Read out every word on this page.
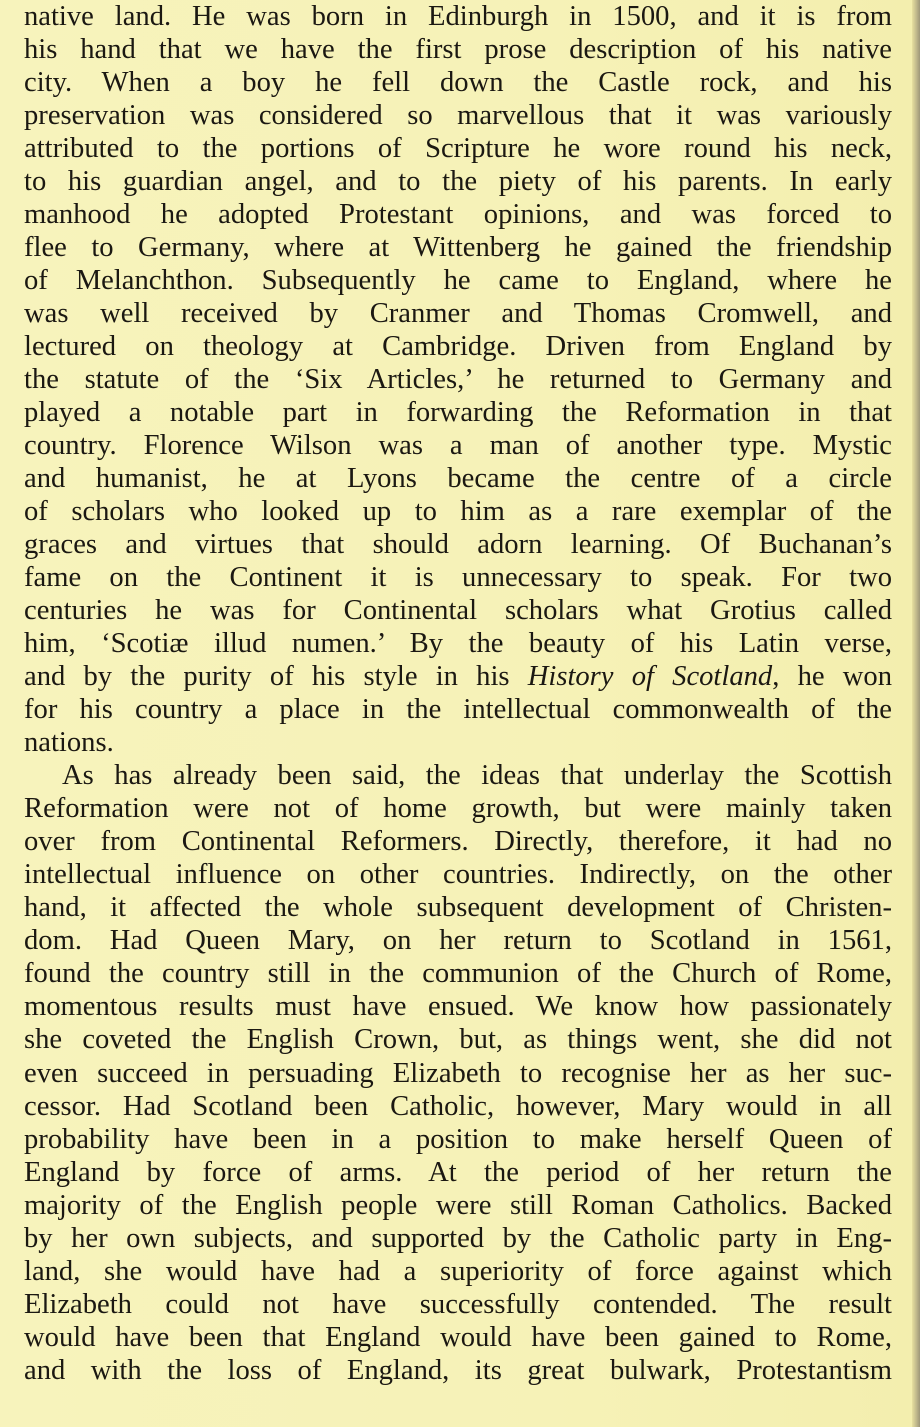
native land. He was born in Edinburgh in 1500, and it is from
his hand that we have the first prose description of his native
city. When a boy he fell down the Castle rock, and his
preservation was considered so marvellous that it was variously
attributed to the portions of Scripture he wore round his neck,
to his guardian angel, and to the piety of his parents. In early
manhood he adopted Protestant opinions, and was forced to
flee to Germany, where at Wittenberg he gained the friendship
of Melanchthon. Subsequently he came to England, where he
was well received by Cranmer and Thomas Cromwell, and
lectured on theology at Cambridge. Driven from England by
the statute of the ‘Six Articles,’ he returned to Germany and
played a notable part in forwarding the Reformation in that
country. Florence Wilson was a man of another type. Mystic
and humanist, he at Lyons became the centre of a circle
of scholars who looked up to him as a rare exemplar of the
graces and virtues that should adorn learning. Of Buchanan’s
fame on the Continent it is unnecessary to speak. For two
centuries he was for Continental scholars what Grotius called
him, ‘Scotiæ illud numen.’ By the beauty of his Latin verse,
and by the purity of his style in his History of Scotland, he won
for his country a place in the intellectual commonwealth of the
nations.
As has already been said, the ideas that underlay the Scottish
Reformation were not of home growth, but were mainly taken
over from Continental Reformers. Directly, therefore, it had no
intellectual influence on other countries. Indirectly, on the other
hand, it affected the whole subsequent development of Christen-
dom. Had Queen Mary, on her return to Scotland in 1561,
found the country still in the communion of the Church of Rome,
momentous results must have ensued. We know how passionately
she coveted the English Crown, but, as things went, she did not
even succeed in persuading Elizabeth to recognise her as her suc-
cessor. Had Scotland been Catholic, however, Mary would in all
probability have been in a position to make herself Queen of
England by force of arms. At the period of her return the
majority of the English people were still Roman Catholics. Backed
by her own subjects, and supported by the Catholic party in Eng-
land, she would have had a superiority of force against which
Elizabeth could not have successfully contended. The result
would have been that England would have been gained to Rome,
and with the loss of England, its great bulwark, Protestantism
